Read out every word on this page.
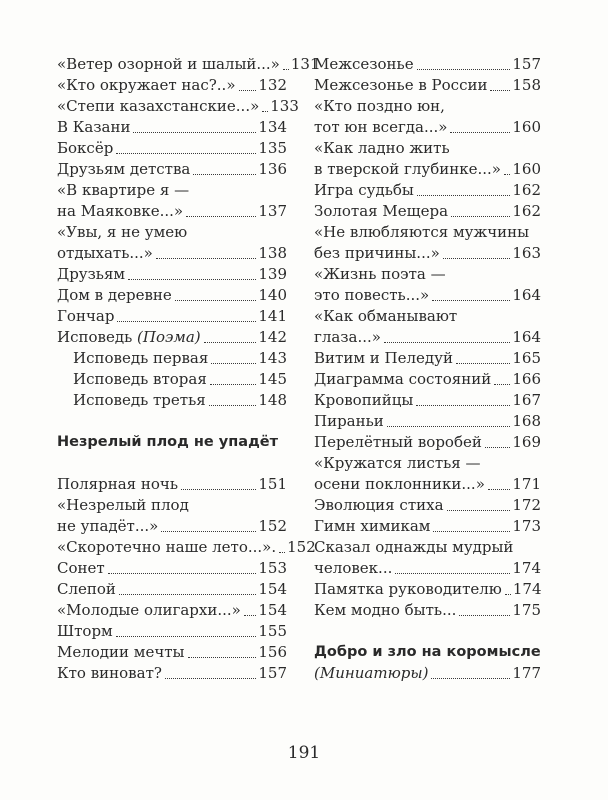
«Ветер озорной и шалый...» 131
«Кто окружает нас?..» 132
«Степи казахстанские...» 133
В Казани	134
Боксёр	135
Друзьям детства	136
«В квартире я —
на Маяковке...»	137
«Увы, я не умею
отдыхать...»	138
Друзьям	139
Дом в деревне	140
Гончар	141
Исповедь (Поэма)	142
Исповедь первая	143
Исповедь вторая	145
Исповедь третья	148
Незрелый плод не упадёт
Полярная ночь	151
«Незрелый плод
не упадёт...»	152
«Скоротечно наше лето...». 152
Сонет	153
Слепой	154
«Молодые олигархи...» 154
Шторм	155
Мелодии мечты	156
Кто виноват?	157
Межсезонье	157
Межсезонье в России 158
«Кто поздно юн,
тот юн всегда...»	160
«Как ладно жить
в тверской глубинке...» 160
Игра судьбы	162
Золотая Мещера	162
«Не влюбляются мужчины
без причины...»	163
«Жизнь поэта —
это повесть...»	164
«Как обманывают
глаза...»	164
Витим и Пеледуй	165
Диаграмма состояний 166
Кровопийцы	167
Пираньи	168
Перелётный воробей 169
«Кружатся листья —
осени поклонники...» 171
Эволюция стиха	172
Гимн химикам	173
Сказал однажды мудрый
человек...	174
Памятка руководителю 174
Кем модно быть...	175
Добро и зло на коромысле
(Миниатюры)	177
191
